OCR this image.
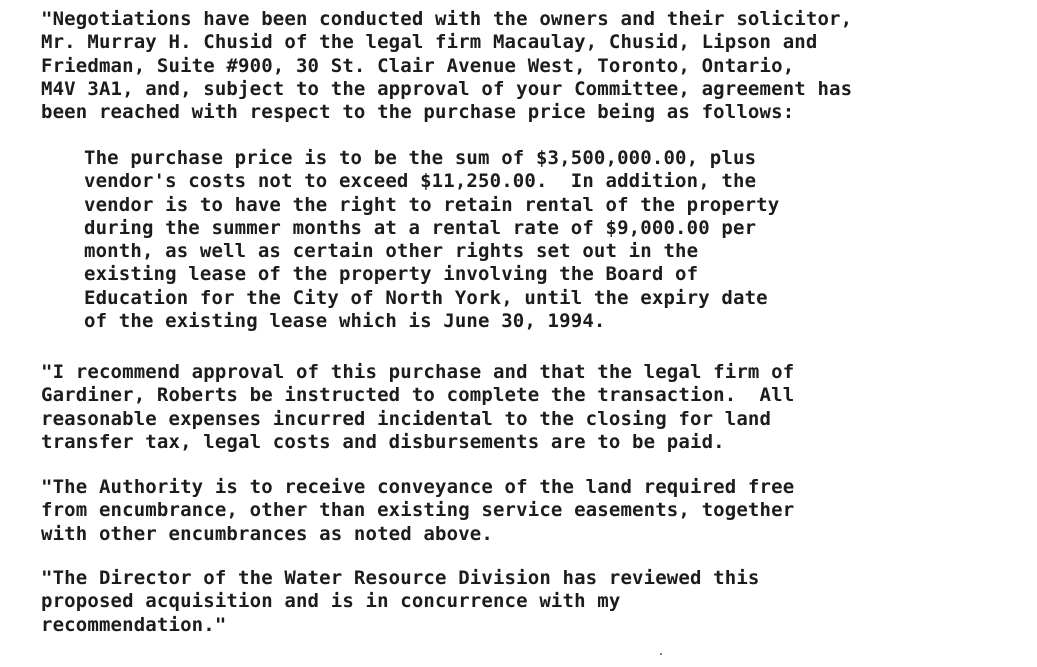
"Negotiations have been conducted with the owners and their solicitor,
Mr. Murray H. Chusid of the legal firm Macaulay, Chusid, Lipson and
Friedman, Suite #900, 30 St. Clair Avenue West, Toronto, Ontario,
M4V 3A1, and, subject to the approval of your Committee, agreement has
been reached with respect to the purchase price being as follows:

The purchase price is to be the sum of $3,500,000.00, plus
vendor's costs not to exceed $11,250.00.  In addition, the
vendor is to have the right to retain rental of the property
during the summer months at a rental rate of $9,000.00 per
month, as well as certain other rights set out in the
existing lease of the property involving the Board of
Education for the City of North York, until the expiry date
of the existing lease which is June 30, 1994.

"I recommend approval of this purchase and that the legal firm of
Gardiner, Roberts be instructed to complete the transaction.  All
reasonable expenses incurred incidental to the closing for land
transfer tax, legal costs and disbursements are to be paid.

"The Authority is to receive conveyance of the land required free
from encumbrance, other than existing service easements, together
with other encumbrances as noted above.

"The Director of the Water Resource Division has reviewed this
proposed acquisition and is in concurrence with my
recommendation."
